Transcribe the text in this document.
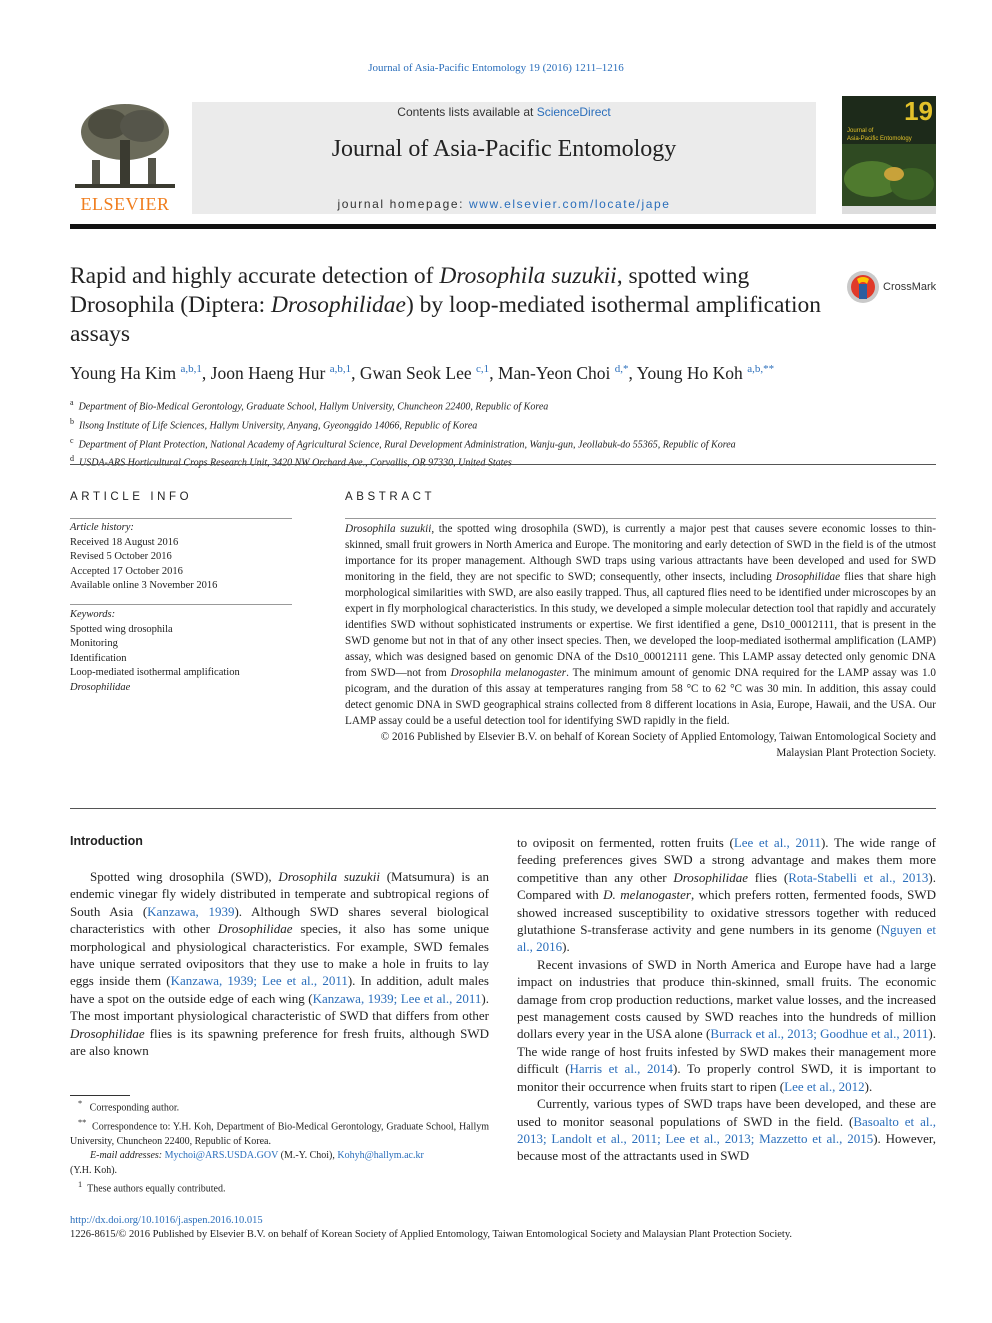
Journal of Asia-Pacific Entomology 19 (2016) 1211–1216
ELSEVIER
Contents lists available at ScienceDirect
Journal of Asia-Pacific Entomology
journal homepage: www.elsevier.com/locate/jape
19
Journal of
Asia-Pacific Entomology
Rapid and highly accurate detection of Drosophila suzukii, spotted wing Drosophila (Diptera: Drosophilidae) by loop-mediated isothermal amplification assays
CrossMark
Young Ha Kim $^{a,b,1}$, Joon Haeng Hur $^{a,b,1}$, Gwan Seok Lee $^{c,1}$, Man-Yeon Choi $^{d,*}$, Young Ho Koh $^{a,b,**}$
$^a$ Department of Bio-Medical Gerontology, Graduate School, Hallym University, Chuncheon 22400, Republic of Korea
$^b$ Ilsong Institute of Life Sciences, Hallym University, Anyang, Gyeonggido 14066, Republic of Korea
$^c$ Department of Plant Protection, National Academy of Agricultural Science, Rural Development Administration, Wanju-gun, Jeollabuk-do 55365, Republic of Korea
$^d$
ARTICLE INFO
Article history:
Received 18 August 2016
Revised 5 October 2016
Accepted 17 October 2016
Available online 3 November 2016
Keywords:
Spotted wing drosophila
Monitoring
Identification
Loop-mediated isothermal amplification
Drosophilidae
ABSTRACT
Drosophila suzukii, the spotted wing drosophila (SWD), is currently a major pest that causes severe economic losses to thin-skinned, small fruit growers in North America and Europe. The monitoring and early detection of SWD in the field is of the utmost importance for its proper management. Although SWD traps using various attractants have been developed and used for SWD monitoring in the field, they are not specific to SWD; consequently, other insects, including Drosophilidae flies that share high morphological similarities with SWD, are also easily trapped. Thus, all captured flies need to be identified under microscopes by an expert in fly morphological characteristics. In this study, we developed a simple molecular detection tool that rapidly and accurately identifies SWD without sophisticated instruments or expertise. We first identified a gene, Ds10_00012111, that is present in the SWD genome but not in that of any other insect species. Then, we developed the loop-mediated isothermal amplification (LAMP) assay, which was designed based on genomic DNA of the Ds10_00012111 gene. This LAMP assay detected only genomic DNA from SWD—not from Drosophila melanogaster. The minimum amount of genomic DNA required for the LAMP assay was 1.0 picogram, and the duration of this assay at temperatures ranging from 58 °C to 62 °C was 30 min. In addition, this assay could detect genomic DNA in SWD geographical strains collected from 8 different locations in Asia, Europe, Hawaii, and the USA. Our LAMP assay could be a useful detection tool for identifying SWD rapidly in the field.
© 2016 Published by Elsevier B.V. on behalf of Korean Society of Applied Entomology, Taiwan Entomological Society and Malaysian Plant Protection Society.
Introduction

Spotted wing drosophila (SWD), Drosophila suzukii (Matsumura) is an endemic vinegar fly widely distributed in temperate and subtropical regions of South Asia (Kanzawa, 1939). Although SWD shares several biological characteristics with other Drosophilidae species, it also has some unique morphological and physiological characteristics. For example, SWD females have unique serrated ovipositors that they use to make a hole in fruits to lay eggs inside them (Kanzawa, 1939; Lee et al., 2011). In addition, adult males have a spot on the outside edge of each wing (Kanzawa, 1939; Lee et al., 2011). The most important physiological characteristic of SWD that differs from other Drosophilidae flies is its spawning preference for fresh fruits, although SWD are also known

to oviposit on fermented, rotten fruits (Lee et al., 2011). The wide range of feeding preferences gives SWD a strong advantage and makes them more competitive than any other Drosophilidae flies (Rota-Stabelli et al., 2013). Compared with D. melanogaster, which prefers rotten, fermented foods, SWD showed increased susceptibility to oxidative stressors together with reduced glutathione S-transferase activity and gene numbers in its genome (Nguyen et al., 2016).

Recent invasions of SWD in North America and Europe have had a large impact on industries that produce thin-skinned, small fruits. The economic damage from crop production reductions, market value losses, and the increased pest management costs caused by SWD reaches into the hundreds of million dollars every year in the USA alone (Burrack et al., 2013; Goodhue et al., 2011). The wide range of host fruits infested by SWD makes their management more difficult (Harris et al., 2014). To properly control SWD, it is important to monitor their occurrence when fruits start to ripen (Lee et al., 2012).

Currently, various types of SWD traps have been developed, and these are used to monitor seasonal populations of SWD in the field. (Basoalto et al., 2013; Landolt et al., 2011; Lee et al., 2013; Mazzetto et al., 2015). However, because most of the attractants used in SWD

* Corresponding author.
** Correspondence to: Y.H. Koh, Department of Bio-Medical Gerontology, Graduate School, Hallym University, Chuncheon 22400, Republic of Korea.
E-mail addresses: Mychoi@ARS.USDA.GOV (M.-Y. Choi), Kohyh@hallym.ac.kr
(Y.H. Koh).
$^1$ These authors equally contributed.
http://dx.doi.org/10.1016/j.aspen.2016.10.015
1226-8615/© 2016 Published by Elsevier B.V. on behalf of Korean Society of Applied Entomology, Taiwan Entomological Society and Malaysian Plant Protection Society.
